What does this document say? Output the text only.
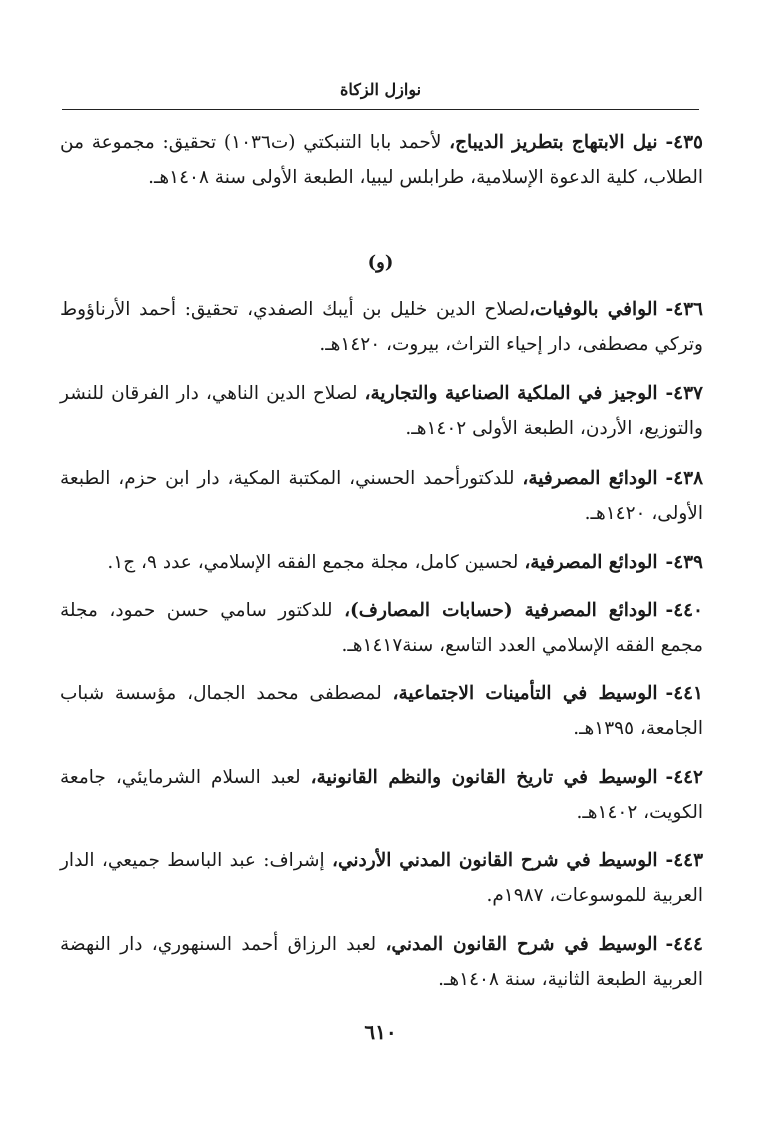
نوازل الزكاة
٤٣٥-نيل الابتهاج بتطريز الديباج، لأحمد بابا التنبكتي (ت١٠٣٦) تحقيق: مجموعة من الطلاب، كلية الدعوة الإسلامية، طرابلس ليبيا، الطبعة الأولى سنة ١٤٠٨هـ.
(و)
٤٣٦-الوافي بالوفيات،لصلاح الدين خليل بن أيبك الصفدي، تحقيق: أحمد الأرناؤوط وتركي مصطفى، دار إحياء التراث، بيروت، ١٤٢٠هـ.
٤٣٧-الوجيز في الملكية الصناعية والتجارية، لصلاح الدين الناهي، دار الفرقان للنشر والتوزيع، الأردن، الطبعة الأولى ١٤٠٢هـ.
٤٣٨-الودائع المصرفية، للدكتورأحمد الحسني، المكتبة المكية، دار ابن حزم، الطبعة الأولى، ١٤٢٠هـ.
٤٣٩-الودائع المصرفية، لحسين كامل، مجلة مجمع الفقه الإسلامي، عدد ٩، ج١.
٤٤٠-الودائع المصرفية (حسابات المصارف)، للدكتور سامي حسن حمود، مجلة مجمع الفقه الإسلامي العدد التاسع، سنة١٤١٧هـ.
٤٤١-الوسيط في التأمينات الاجتماعية، لمصطفى محمد الجمال، مؤسسة شباب الجامعة، ١٣٩٥هـ.
٤٤٢-الوسيط في تاريخ القانون والنظم القانونية، لعبد السلام الشرمايئي، جامعة الكويت، ١٤٠٢هـ.
٤٤٣-الوسيط في شرح القانون المدني الأردني، إشراف: عبد الباسط جميعي، الدار العربية للموسوعات، ١٩٨٧م.
٤٤٤-الوسيط في شرح القانون المدني، لعبد الرزاق أحمد السنهوري، دار النهضة العربية الطبعة الثانية، سنة ١٤٠٨هـ.
٦١٠
